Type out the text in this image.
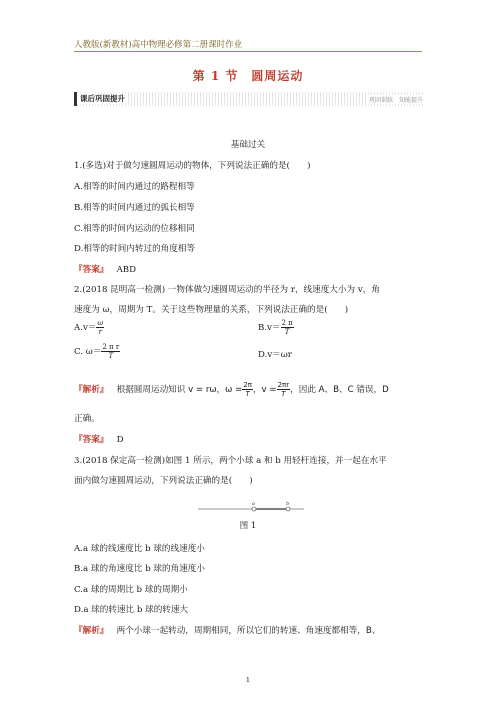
人教版(新教材)高中物理必修第二册课时作业
第 1 节　圆周运动
课后巩固提升	巩固训练　知能提升
基础过关
1.(多选)对于做匀速圆周运动的物体，下列说法正确的是(　　)
A.相等的时间内通过的路程相等
B.相等的时间内通过的弧长相等
C.相等的时间内运动的位移相同
D.相等的时间内转过的角度相等
『答案』 ABD
2.(2018 昆明高一检测) 一物体做匀速圆周运动的半径为 r，线速度大小为 v，角
速度为 ω，周期为 T。关于这些物理量的关系，下列说法正确的是(　　)
$A.v= \frac{\omega}{r}$	$B.v= \frac{2 \pi}{T}$
C. $\omega= \frac{\text{2 π r}}{T}$	D.v＝ωr
『解析』 根据圆周运动知识 v = rω，$\omega = \frac{2\pi}{T}$ ，$v = \frac{2\pi r}{T}$ ，因此 A、B、C 错误，D
正确。
『答案』 D
3.(2018 保定高一检测)如图 1 所示，两个小球 a 和 b 用轻杆连接，并一起在水平
面内做匀速圆周运动，下列说法正确的是(　　)
a	b
图 1
A.a 球的线速度比 b 球的线速度小
B.a 球的角速度比 b 球的角速度小
C.a 球的周期比 b 球的周期小
D.a 球的转速比 b 球的转速大
『解析』 两个小球一起转动，周期相同，所以它们的转速、角速度都相等，B、
1
